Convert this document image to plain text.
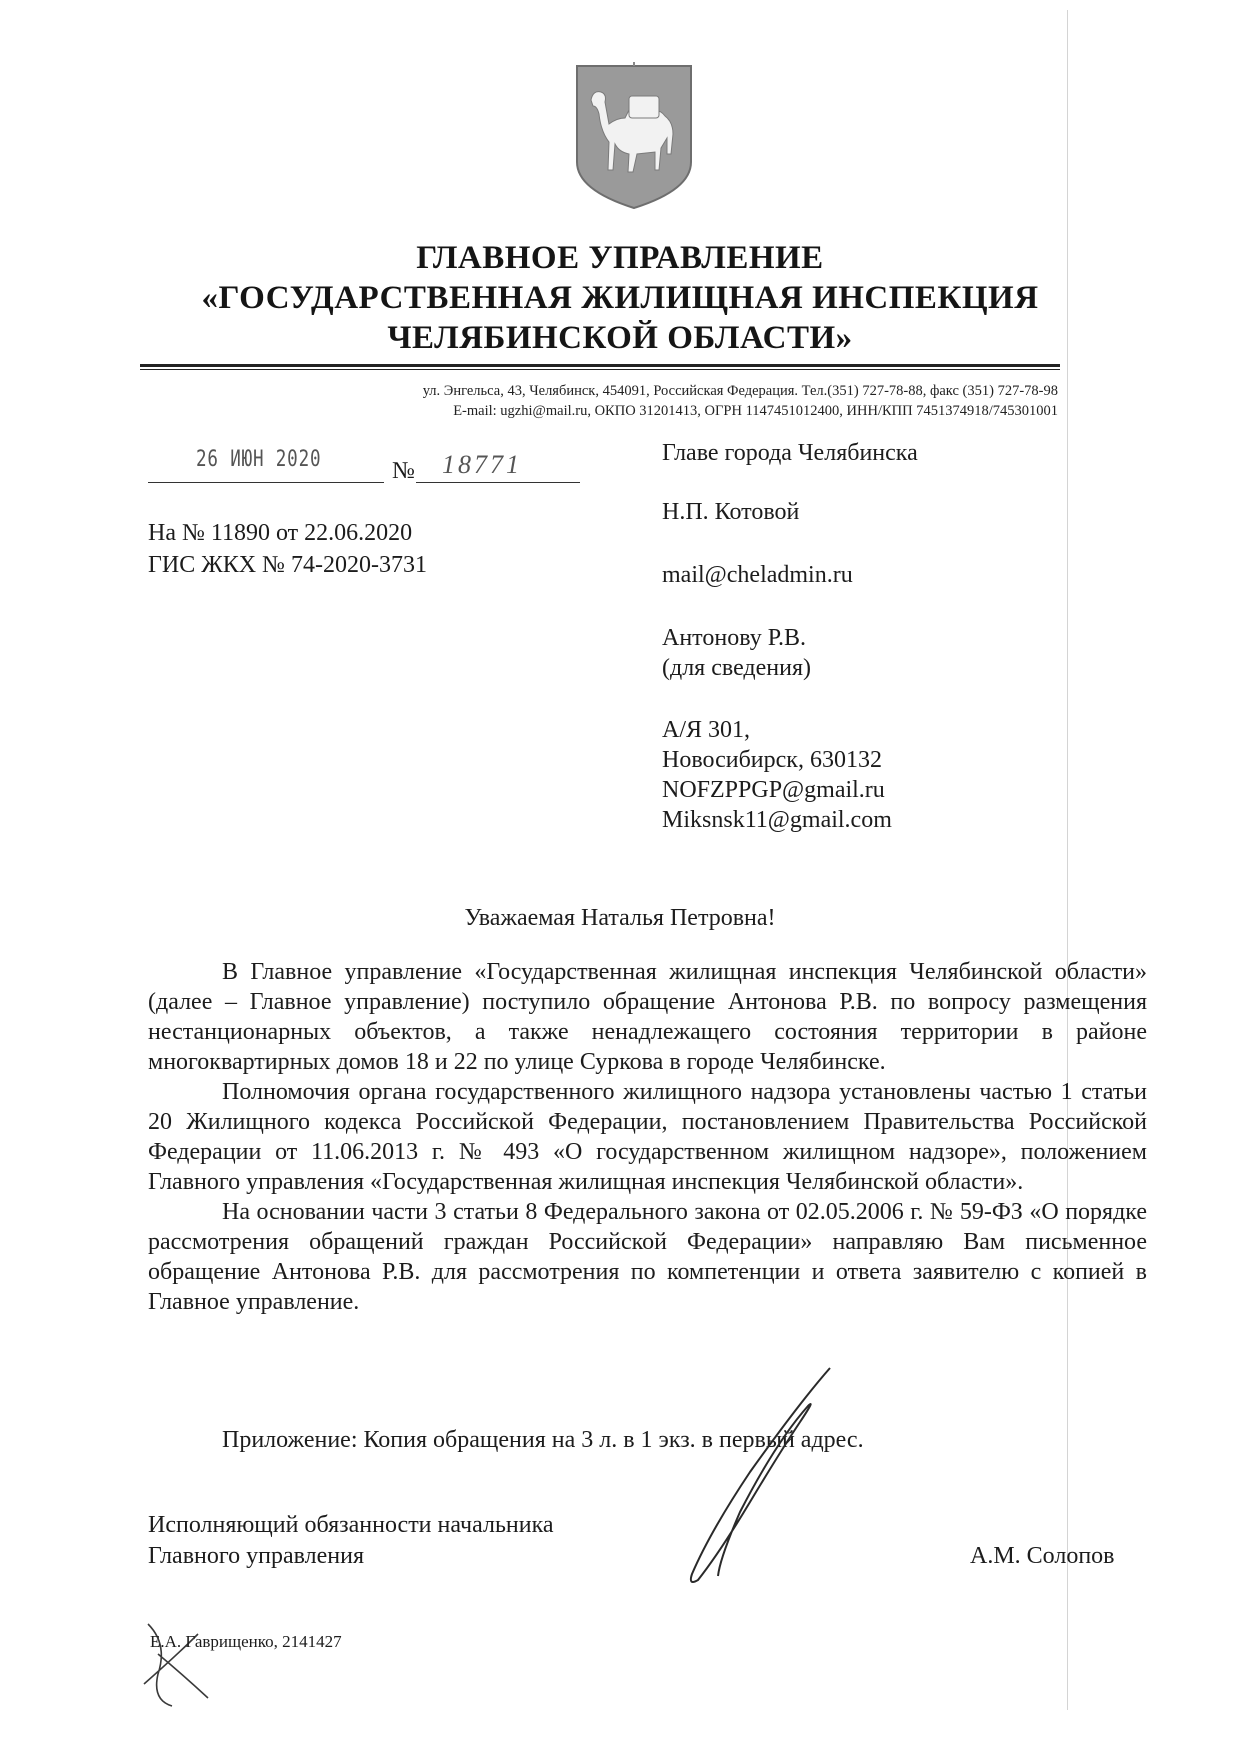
ГЛАВНОЕ УПРАВЛЕНИЕ
«ГОСУДАРСТВЕННАЯ ЖИЛИЩНАЯ ИНСПЕКЦИЯ
ЧЕЛЯБИНСКОЙ ОБЛАСТИ»
ул. Энгельса, 43, Челябинск, 454091, Российская Федерация. Тел.(351) 727-78-88, факс (351) 727-78-98
E-mail: ugzhi@mail.ru, ОКПО 31201413, ОГРН 1147451012400, ИНН/КПП 7451374918/745301001
26 ИЮН 2020	№ 18771
На № 11890 от 22.06.2020
ГИС ЖКХ № 74-2020-3731
Главе города Челябинска
Н.П. Котовой
mail@cheladmin.ru
Антонову Р.В.
(для сведения)
А/Я 301,
Новосибирск, 630132
NOFZPPGP@gmail.ru
Miksnsk11@gmail.com
Уважаемая Наталья Петровна!

В Главное управление «Государственная жилищная инспекция Челябинской области» (далее – Главное управление) поступило обращение Антонова Р.В. по вопросу размещения нестанционарных объектов, а также ненадлежащего состояния территории в районе многоквартирных домов 18 и 22 по улице Суркова в городе Челябинске.

Полномочия органа государственного жилищного надзора установлены частью 1 статьи 20 Жилищного кодекса Российской Федерации, постановлением Правительства Российской Федерации от 11.06.2013 г. № 493 «О государственном жилищном надзоре», положением Главного управления «Государственная жилищная инспекция Челябинской области».

На основании части 3 статьи 8 Федерального закона от 02.05.2006 г. № 59-ФЗ «О порядке рассмотрения обращений граждан Российской Федерации» направляю Вам письменное обращение Антонова Р.В. для рассмотрения по компетенции и ответа заявителю с копией в Главное управление.

Приложение: Копия обращения на 3 л. в 1 экз. в первый адрес.
Исполняющий обязанности начальника
Главного управления	А.М. Солопов
Е.А. Гаврищенко, 2141427
